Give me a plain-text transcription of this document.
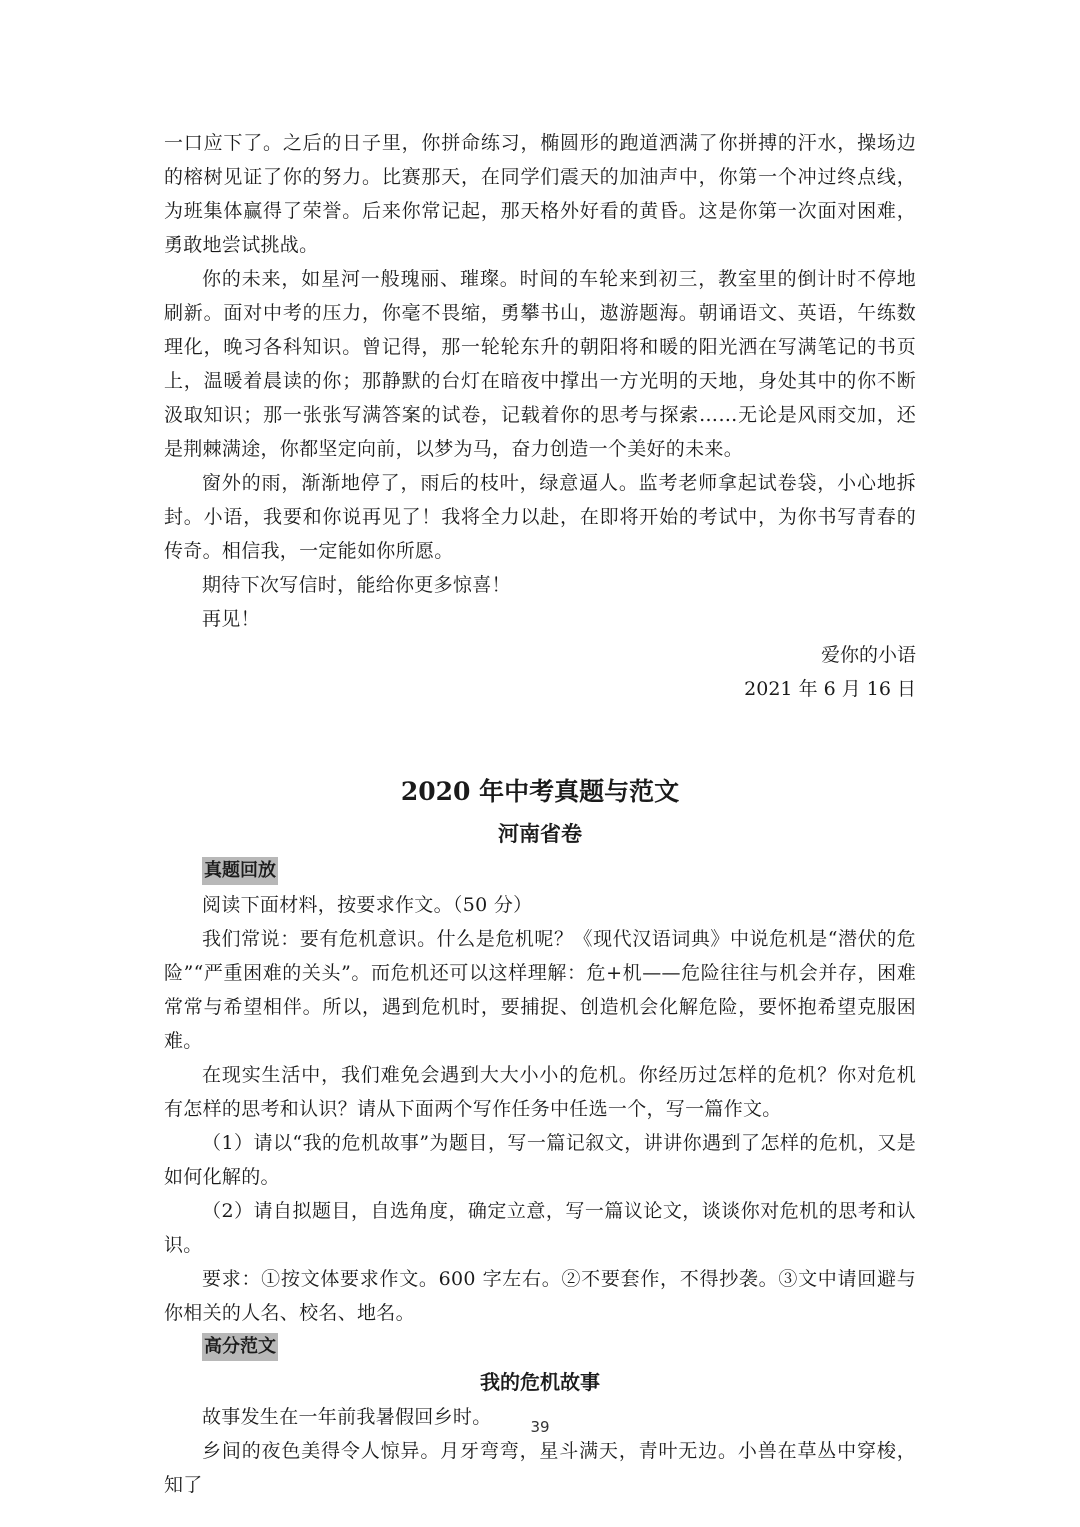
一口应下了。之后的日子里，你拼命练习，椭圆形的跑道洒满了你拼搏的汗水，操场边的榕树见证了你的努力。比赛那天，在同学们震天的加油声中，你第一个冲过终点线，为班集体赢得了荣誉。后来你常记起，那天格外好看的黄昏。这是你第一次面对困难，勇敢地尝试挑战。

你的未来，如星河一般瑰丽、璀璨。时间的车轮来到初三，教室里的倒计时不停地刷新。面对中考的压力，你毫不畏缩，勇攀书山，遨游题海。朝诵语文、英语，午练数理化，晚习各科知识。曾记得，那一轮轮东升的朝阳将和暖的阳光洒在写满笔记的书页上，温暖着晨读的你；那静默的台灯在暗夜中撑出一方光明的天地，身处其中的你不断汲取知识；那一张张写满答案的试卷，记载着你的思考与探索……无论是风雨交加，还是荆棘满途，你都坚定向前，以梦为马，奋力创造一个美好的未来。

窗外的雨，渐渐地停了，雨后的枝叶，绿意逼人。监考老师拿起试卷袋，小心地拆封。小语，我要和你说再见了！我将全力以赴，在即将开始的考试中，为你书写青春的传奇。相信我，一定能如你所愿。

期待下次写信时，能给你更多惊喜！

再见！

爱你的小语

2021 年 6 月 16 日

2020 年中考真题与范文

河南省卷

真题回放

阅读下面材料，按要求作文。（50 分）

我们常说：要有危机意识。什么是危机呢？《现代汉语词典》中说危机是“潜伏的危险”“严重困难的关头”。而危机还可以这样理解：危+机——危险往往与机会并存，困难常常与希望相伴。所以，遇到危机时，要捕捉、创造机会化解危险，要怀抱希望克服困难。

在现实生活中，我们难免会遇到大大小小的危机。你经历过怎样的危机？你对危机有怎样的思考和认识？请从下面两个写作任务中任选一个，写一篇作文。

（1）请以“我的危机故事”为题目，写一篇记叙文，讲讲你遇到了怎样的危机，又是如何化解的。

（2）请自拟题目，自选角度，确定立意，写一篇议论文，谈谈你对危机的思考和认识。

要求：①按文体要求作文。600 字左右。②不要套作，不得抄袭。③文中请回避与你相关的人名、校名、地名。

高分范文

我的危机故事

故事发生在一年前我暑假回乡时。

乡间的夜色美得令人惊异。月牙弯弯，星斗满天，青叶无边。小兽在草丛中穿梭，知了

39
